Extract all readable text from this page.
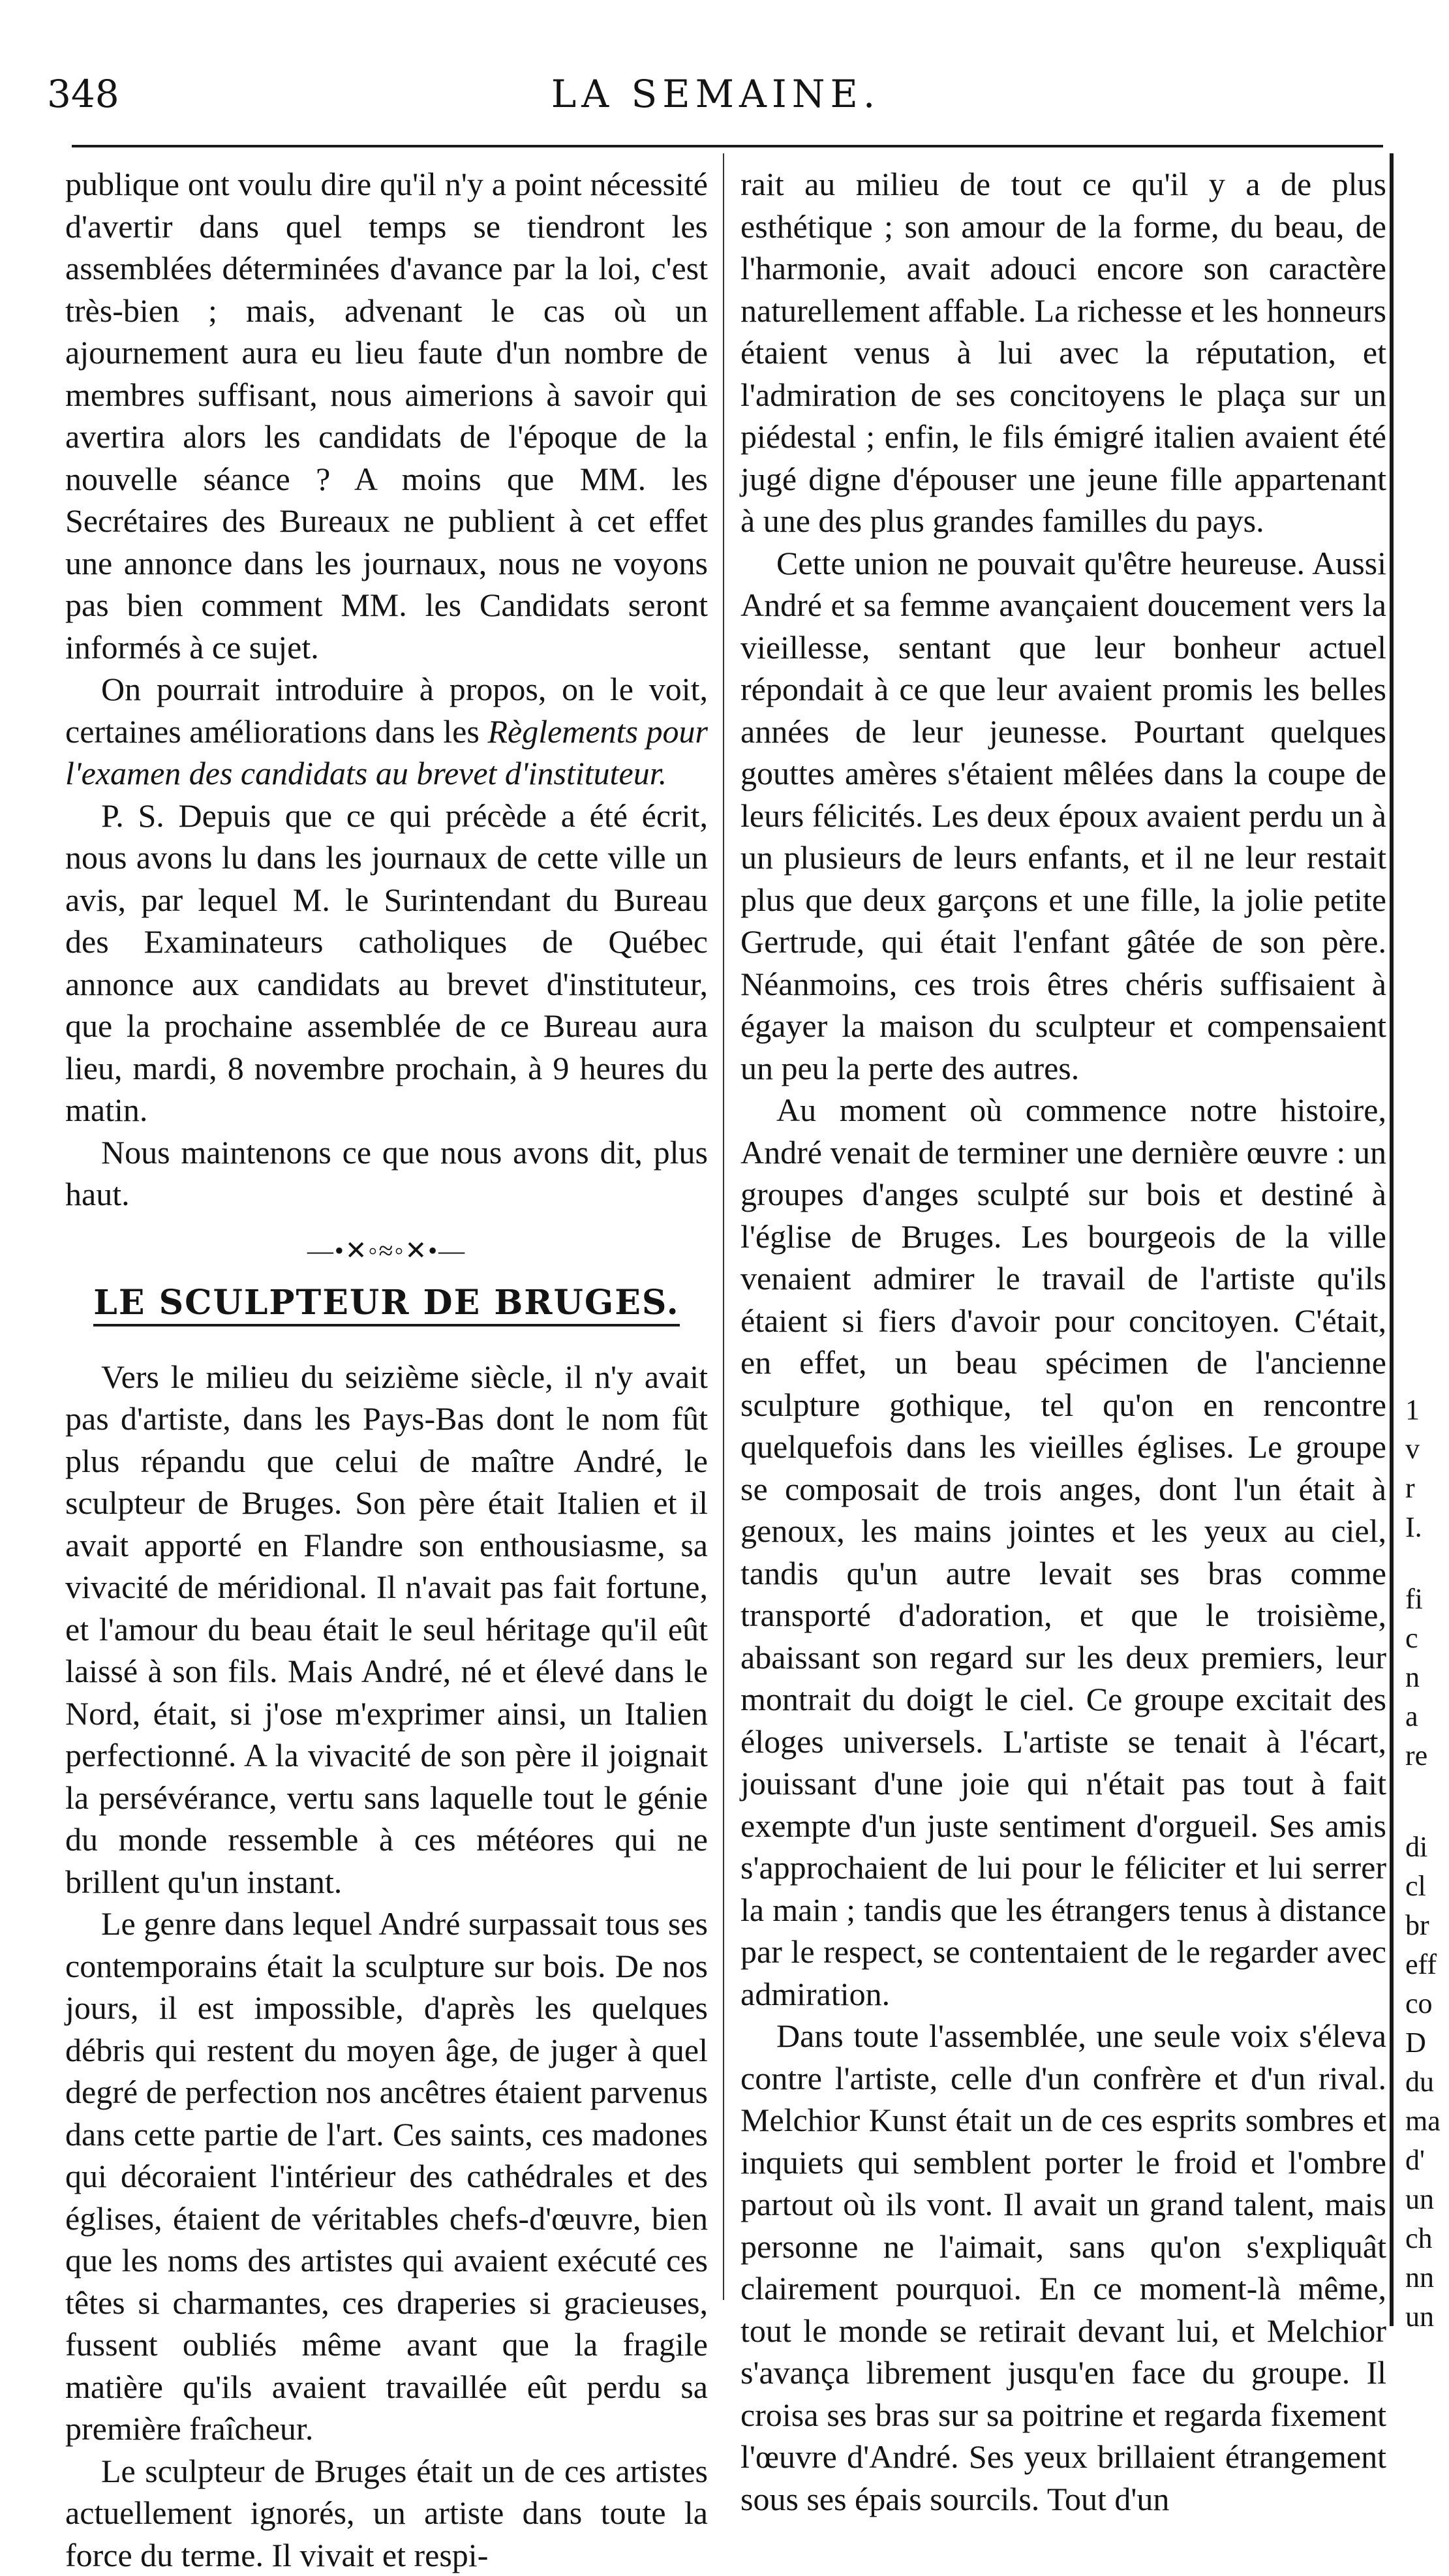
348	LA SEMAINE.

publique ont voulu dire qu'il n'y a point nécessité d'avertir dans quel temps se tiendront les assemblées déterminées d'avance par la loi, c'est très-bien ; mais, advenant le cas où un ajournement aura eu lieu faute d'un nombre de membres suffisant, nous aimerions à savoir qui avertira alors les candidats de l'époque de la nouvelle séance ? A moins que MM. les Secrétaires des Bureaux ne publient à cet effet une annonce dans les journaux, nous ne voyons pas bien comment MM. les Candidats seront informés à ce sujet.

On pourrait introduire à propos, on le voit, certaines améliorations dans les Règlements pour l'examen des candidats au brevet d'instituteur.

P. S. Depuis que ce qui précède a été écrit, nous avons lu dans les journaux de cette ville un avis, par lequel M. le Surintendant du Bureau des Examinateurs catholiques de Québec annonce aux candidats au brevet d'instituteur, que la prochaine assemblée de ce Bureau aura lieu, mardi, 8 novembre prochain, à 9 heures du matin.

Nous maintenons ce que nous avons dit, plus haut.

—•✕◦≈◦✕•—
LE SCULPTEUR DE BRUGES.

Vers le milieu du seizième siècle, il n'y avait pas d'artiste, dans les Pays-Bas dont le nom fût plus répandu que celui de maître André, le sculpteur de Bruges. Son père était Italien et il avait apporté en Flandre son enthousiasme, sa vivacité de méridional. Il n'avait pas fait fortune, et l'amour du beau était le seul héritage qu'il eût laissé à son fils. Mais André, né et élevé dans le Nord, était, si j'ose m'exprimer ainsi, un Italien perfectionné. A la vivacité de son père il joignait la persévérance, vertu sans laquelle tout le génie du monde ressemble à ces météores qui ne brillent qu'un instant.

Le genre dans lequel André surpassait tous ses contemporains était la sculpture sur bois. De nos jours, il est impossible, d'après les quelques débris qui restent du moyen âge, de juger à quel degré de perfection nos ancêtres étaient parvenus dans cette partie de l'art. Ces saints, ces madones qui décoraient l'intérieur des cathédrales et des églises, étaient de véritables chefs-d'œuvre, bien que les noms des artistes qui avaient exécuté ces têtes si charmantes, ces draperies si gracieuses, fussent oubliés même avant que la fragile matière qu'ils avaient travaillée eût perdu sa première fraîcheur.

Le sculpteur de Bruges était un de ces artistes actuellement ignorés, un artiste dans toute la force du terme. Il vivait et respi-

rait au milieu de tout ce qu'il y a de plus esthétique ; son amour de la forme, du beau, de l'harmonie, avait adouci encore son caractère naturellement affable. La richesse et les honneurs étaient venus à lui avec la réputation, et l'admiration de ses concitoyens le plaça sur un piédestal ; enfin, le fils émigré italien avaient été jugé digne d'épouser une jeune fille appartenant à une des plus grandes familles du pays.

Cette union ne pouvait qu'être heureuse. Aussi André et sa femme avançaient doucement vers la vieillesse, sentant que leur bonheur actuel répondait à ce que leur avaient promis les belles années de leur jeunesse. Pourtant quelques gouttes amères s'étaient mêlées dans la coupe de leurs félicités. Les deux époux avaient perdu un à un plusieurs de leurs enfants, et il ne leur restait plus que deux garçons et une fille, la jolie petite Gertrude, qui était l'enfant gâtée de son père. Néanmoins, ces trois êtres chéris suffisaient à égayer la maison du sculpteur et compensaient un peu la perte des autres.

Au moment où commence notre histoire, André venait de terminer une dernière œuvre : un groupes d'anges sculpté sur bois et destiné à l'église de Bruges. Les bourgeois de la ville venaient admirer le travail de l'artiste qu'ils étaient si fiers d'avoir pour concitoyen. C'était, en effet, un beau spécimen de l'ancienne sculpture gothique, tel qu'on en rencontre quelquefois dans les vieilles églises. Le groupe se composait de trois anges, dont l'un était à genoux, les mains jointes et les yeux au ciel, tandis qu'un autre levait ses bras comme transporté d'adoration, et que le troisième, abaissant son regard sur les deux premiers, leur montrait du doigt le ciel. Ce groupe excitait des éloges universels. L'artiste se tenait à l'écart, jouissant d'une joie qui n'était pas tout à fait exempte d'un juste sentiment d'orgueil. Ses amis s'approchaient de lui pour le féliciter et lui serrer la main ; tandis que les étrangers tenus à distance par le respect, se contentaient de le regarder avec admiration.

Dans toute l'assemblée, une seule voix s'éleva contre l'artiste, celle d'un confrère et d'un rival. Melchior Kunst était un de ces esprits sombres et inquiets qui semblent porter le froid et l'ombre partout où ils vont. Il avait un grand talent, mais personne ne l'aimait, sans qu'on s'expliquât clairement pourquoi. En ce moment-là même, tout le monde se retirait devant lui, et Melchior s'avança librement jusqu'en face du groupe. Il croisa ses bras sur sa poitrine et regarda fixement l'œuvre d'André. Ses yeux brillaient étrangement sous ses épais sourcils. Tout d'un

1
v
r
I.
fi
c
n
a
re
di
cl
br
eff
co
D
du
ma
d'
un
ch
nn
un
